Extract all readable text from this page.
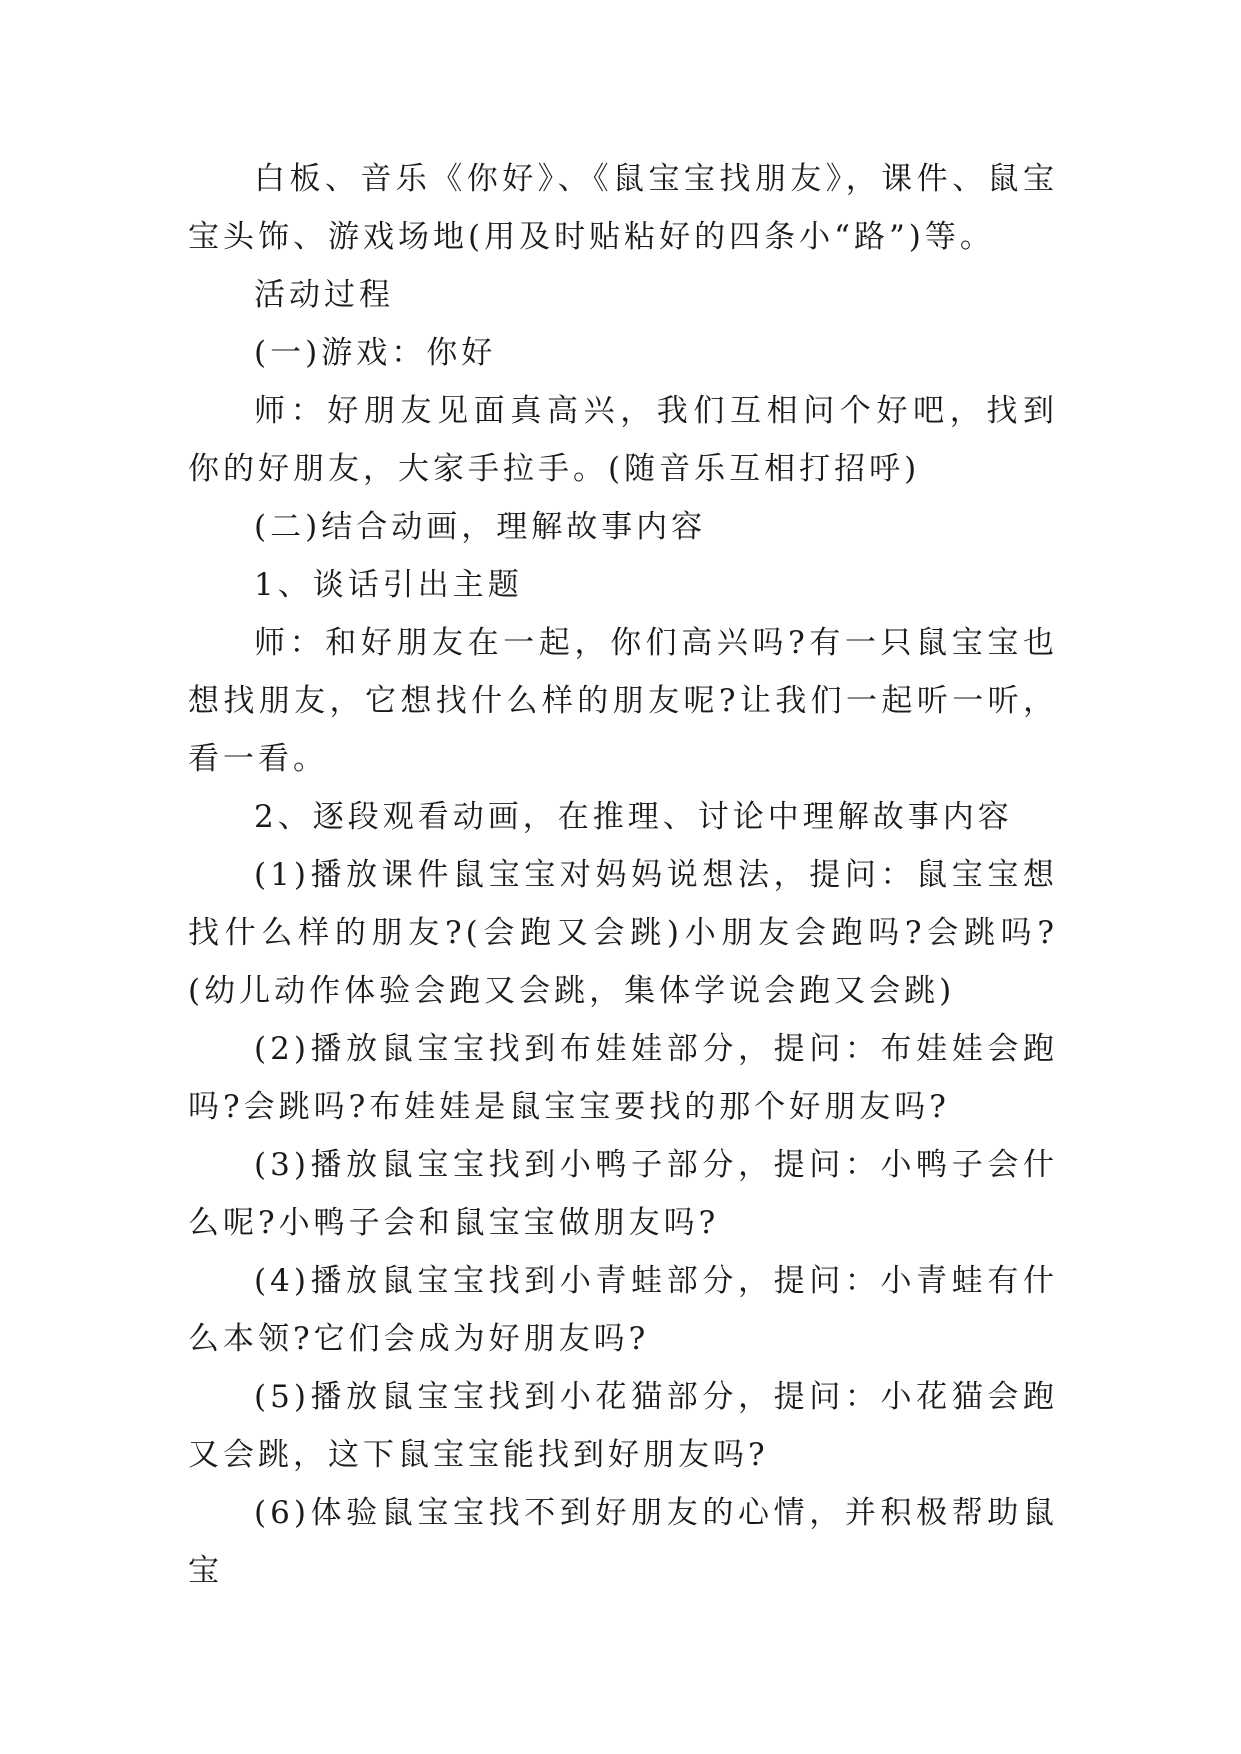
白板、音乐《你好》、《鼠宝宝找朋友》，课件、鼠宝宝头饰、游戏场地(用及时贴粘好的四条小“路”)等。

活动过程

(一)游戏：你好

师：好朋友见面真高兴，我们互相问个好吧，找到你的好朋友，大家手拉手。(随音乐互相打招呼)

(二)结合动画，理解故事内容

1、谈话引出主题

师：和好朋友在一起，你们高兴吗?有一只鼠宝宝也想找朋友，它想找什么样的朋友呢?让我们一起听一听，看一看。

2、逐段观看动画，在推理、讨论中理解故事内容

(1)播放课件鼠宝宝对妈妈说想法，提问：鼠宝宝想找什么样的朋友?(会跑又会跳)小朋友会跑吗?会跳吗?(幼儿动作体验会跑又会跳，集体学说会跑又会跳)

(2)播放鼠宝宝找到布娃娃部分，提问：布娃娃会跑吗?会跳吗?布娃娃是鼠宝宝要找的那个好朋友吗?

(3)播放鼠宝宝找到小鸭子部分，提问：小鸭子会什么呢?小鸭子会和鼠宝宝做朋友吗?

(4)播放鼠宝宝找到小青蛙部分，提问：小青蛙有什么本领?它们会成为好朋友吗?

(5)播放鼠宝宝找到小花猫部分，提问：小花猫会跑又会跳，这下鼠宝宝能找到好朋友吗?

(6)体验鼠宝宝找不到好朋友的心情，并积极帮助鼠宝
